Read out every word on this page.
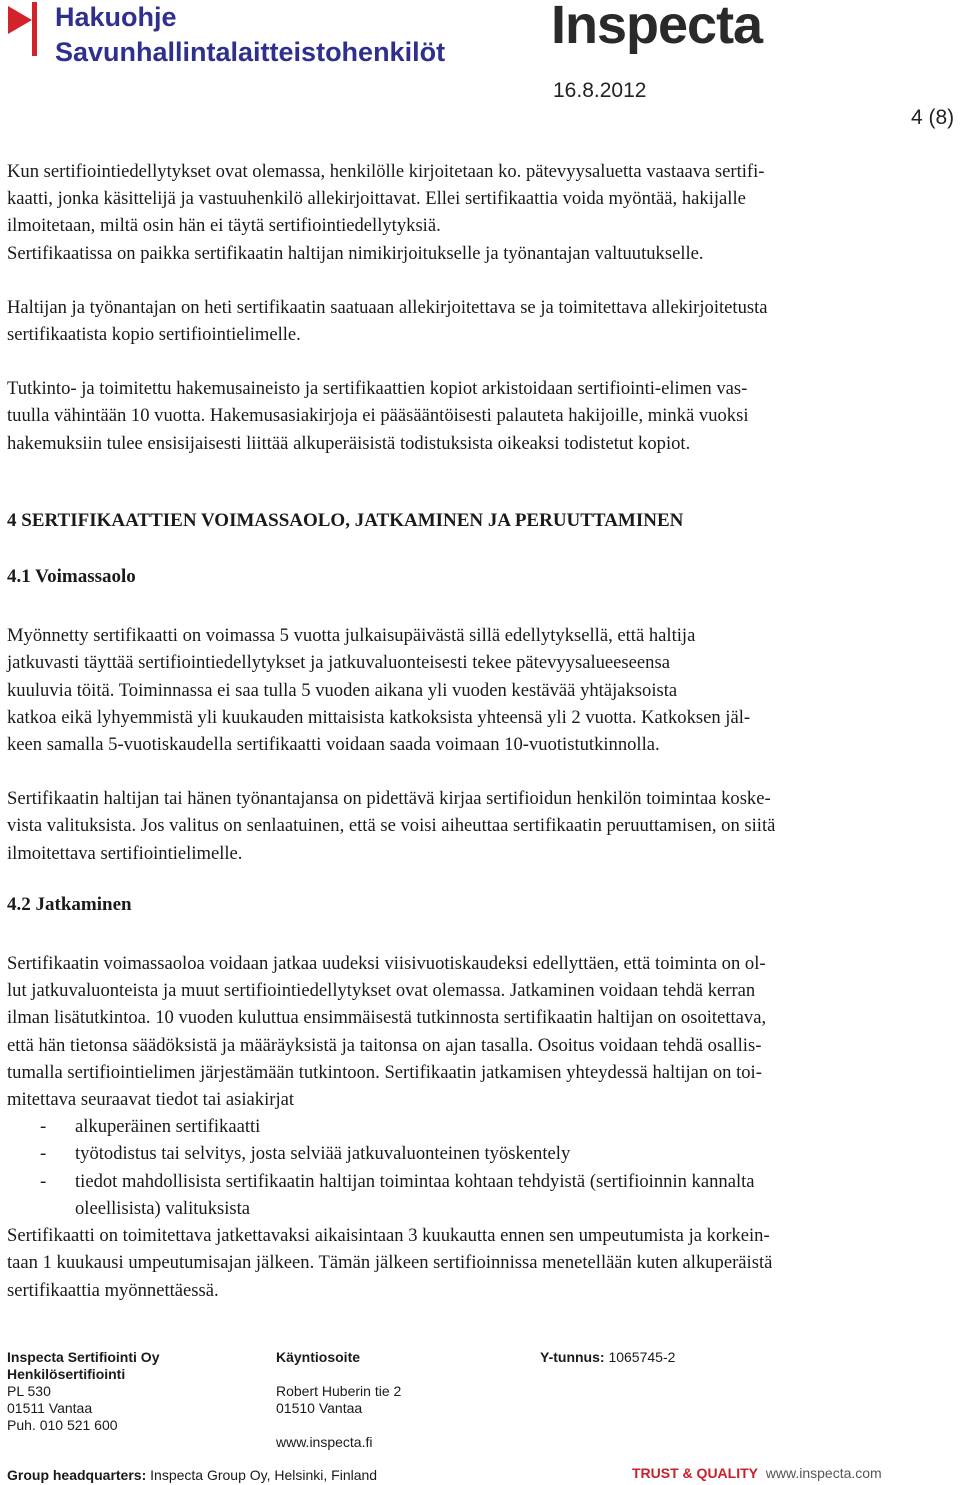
Hakuohje
Savunhallintalaitteistohenkilöt Inspecta
16.8.2012
4 (8)

Kun sertifiointiedellytykset ovat olemassa, henkilölle kirjoitetaan ko. pätevyysaluetta vastaava sertifi-

kaatti, jonka käsittelijä ja vastuuhenkilö allekirjoittavat. Ellei sertifikaattia voida myöntää, hakijalle

ilmoitetaan, miltä osin hän ei täytä sertifiointiedellytyksiä.

Sertifikaatissa on paikka sertifikaatin haltijan nimikirjoitukselle ja työnantajan valtuutukselle.

Haltijan ja työnantajan on heti sertifikaatin saatuaan allekirjoitettava se ja toimitettava allekirjoitetusta

sertifikaatista kopio sertifiointielimelle.

Tutkinto- ja toimitettu hakemusaineisto ja sertifikaattien kopiot arkistoidaan sertifiointi-elimen vas-

tuulla vähintään 10 vuotta. Hakemusasiakirjoja ei pääsääntöisesti palauteta hakijoille, minkä vuoksi

hakemuksiin tulee ensisijaisesti liittää alkuperäisistä todistuksista oikeaksi todistetut kopiot.

4 SERTIFIKAATTIEN VOIMASSAOLO, JATKAMINEN JA PERUUTTAMINEN

4.1 Voimassaolo

Myönnetty sertifikaatti on voimassa 5 vuotta julkaisupäivästä sillä edellytyksellä, että haltija

jatkuvasti täyttää sertifiointiedellytykset ja jatkuvaluonteisesti tekee pätevyysalueeseensa

kuuluvia töitä. Toiminnassa ei saa tulla 5 vuoden aikana yli vuoden kestävää yhtäjaksoista

katkoa eikä lyhyemmistä yli kuukauden mittaisista katkoksista yhteensä yli 2 vuotta. Katkoksen jäl-

keen samalla 5-vuotiskaudella sertifikaatti voidaan saada voimaan 10-vuotistutkinnolla.

Sertifikaatin haltijan tai hänen työnantajansa on pidettävä kirjaa sertifioidun henkilön toimintaa koske-

vista valituksista. Jos valitus on senlaatuinen, että se voisi aiheuttaa sertifikaatin peruuttamisen, on siitä

ilmoitettava sertifiointielimelle.

4.2 Jatkaminen

Sertifikaatin voimassaoloa voidaan jatkaa uudeksi viisivuotiskaudeksi edellyttäen, että toiminta on ol-

lut jatkuvaluonteista ja muut sertifiointiedellytykset ovat olemassa. Jatkaminen voidaan tehdä kerran

ilman lisätutkintoa. 10 vuoden kuluttua ensimmäisestä tutkinnosta sertifikaatin haltijan on osoitettava,

että hän tietonsa säädöksistä ja määräyksistä ja taitonsa on ajan tasalla. Osoitus voidaan tehdä osallis-

tumalla sertifiointielimen järjestämään tutkintoon. Sertifikaatin jatkamisen yhteydessä haltijan on toi-

mitettava seuraavat tiedot tai asiakirjat

- alkuperäinen sertifikaatti
- työtodistus tai selvitys, josta selviää jatkuvaluonteinen työskentely
- tiedot mahdollisista sertifikaatin haltijan toimintaa kohtaan tehdyistä (sertifioinnin kannalta
oleellisista) valituksista

Sertifikaatti on toimitettava jatkettavaksi aikaisintaan 3 kuukautta ennen sen umpeutumista ja korkein-

taan 1 kuukausi umpeutumisajan jälkeen. Tämän jälkeen sertifioinnissa menetellään kuten alkuperäistä

sertifikaattia myönnettäessä.

Inspecta Sertifiointi Oy
Henkilösertifiointi
PL 530
01511 Vantaa
Puh. 010 521 600
Käyntiosoite
Robert Huberin tie 2
01510 Vantaa
www.inspecta.fi
Y-tunnus: 1065745-2
Group headquarters: Inspecta Group Oy, Helsinki, Finland	TRUST & QUALITY www.inspecta.com
